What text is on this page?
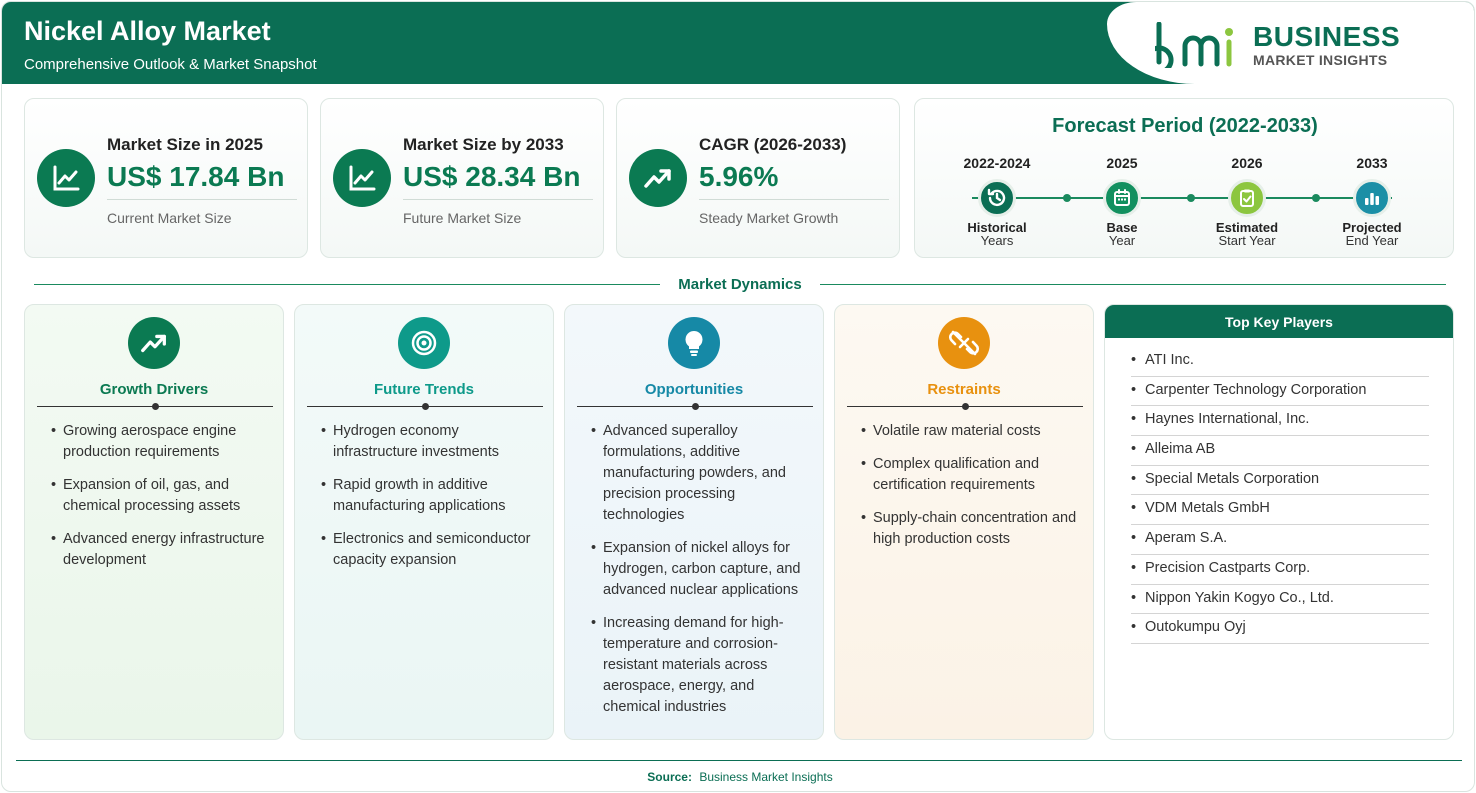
Nickel Alloy Market
Comprehensive Outlook & Market Snapshot
BUSINESS
MARKET INSIGHTS
Market Size in 2025
US$ 17.84 Bn
Current Market Size
Market Size by 2033
US$ 28.34 Bn
Future Market Size
CAGR (2026-2033)
5.96%
Steady Market Growth
Forecast Period (2022-2033)
2022-2024
Historical
Years
2025
Base
Year
2026
Estimated
Start Year
2033
Projected
End Year
Market Dynamics
Growth Drivers
• Growing aerospace engine production requirements
• Expansion of oil, gas, and chemical processing assets
• Advanced energy infrastructure development
Future Trends
• Hydrogen economy infrastructure investments
• Rapid growth in additive manufacturing applications
• Electronics and semiconductor capacity expansion
Opportunities
• Advanced superalloy formulations, additive manufacturing powders, and precision processing technologies
• Expansion of nickel alloys for hydrogen, carbon capture, and advanced nuclear applications
• Increasing demand for high-temperature and corrosion-resistant materials across aerospace, energy, and chemical industries
Restraints
• Volatile raw material costs
• Complex qualification and certification requirements
• Supply-chain concentration and high production costs
Top Key Players
• ATI Inc.
• Carpenter Technology Corporation
• Haynes International, Inc.
• Alleima AB
• Special Metals Corporation
• VDM Metals GmbH
• Aperam S.A.
• Precision Castparts Corp.
• Nippon Yakin Kogyo Co., Ltd.
• Outokumpu Oyj
Source: Business Market Insights
